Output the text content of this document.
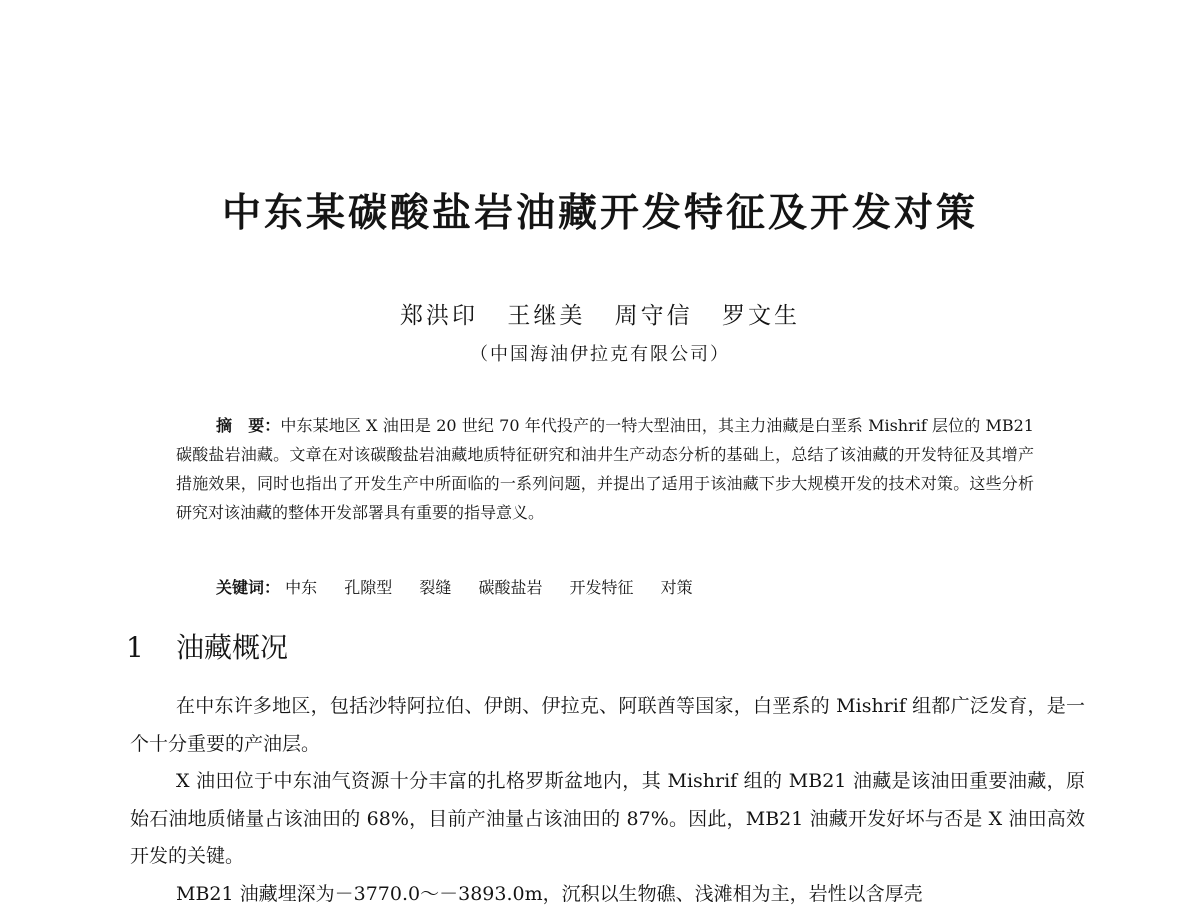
中东某碳酸盐岩油藏开发特征及开发对策
郑洪印 王继美 周守信 罗文生
（中国海油伊拉克有限公司）

摘　要：中东某地区 X 油田是 20 世纪 70 年代投产的一特大型油田，其主力油藏是白垩系 Mishrif 层位的 MB21 碳酸盐岩油藏。文章在对该碳酸盐岩油藏地质特征研究和油井生产动态分析的基础上，总结了该油藏的开发特征及其增产措施效果，同时也指出了开发生产中所面临的一系列问题，并提出了适用于该油藏下步大规模开发的技术对策。这些分析研究对该油藏的整体开发部署具有重要的指导意义。

关键词： 中东 孔隙型 裂缝 碳酸盐岩 开发特征 对策
1 油藏概况

在中东许多地区，包括沙特阿拉伯、伊朗、伊拉克、阿联酋等国家，白垩系的 Mishrif 组都广泛发育，是一个十分重要的产油层。

X 油田位于中东油气资源十分丰富的扎格罗斯盆地内，其 Mishrif 组的 MB21 油藏是该油田重要油藏，原始石油地质储量占该油田的 68%，目前产油量占该油田的 87%。因此，MB21 油藏开发好坏与否是 X 油田高效开发的关键。

MB21 油藏埋深为－3770.0～－3893.0m，沉积以生物礁、浅滩相为主，岩性以含厚壳
